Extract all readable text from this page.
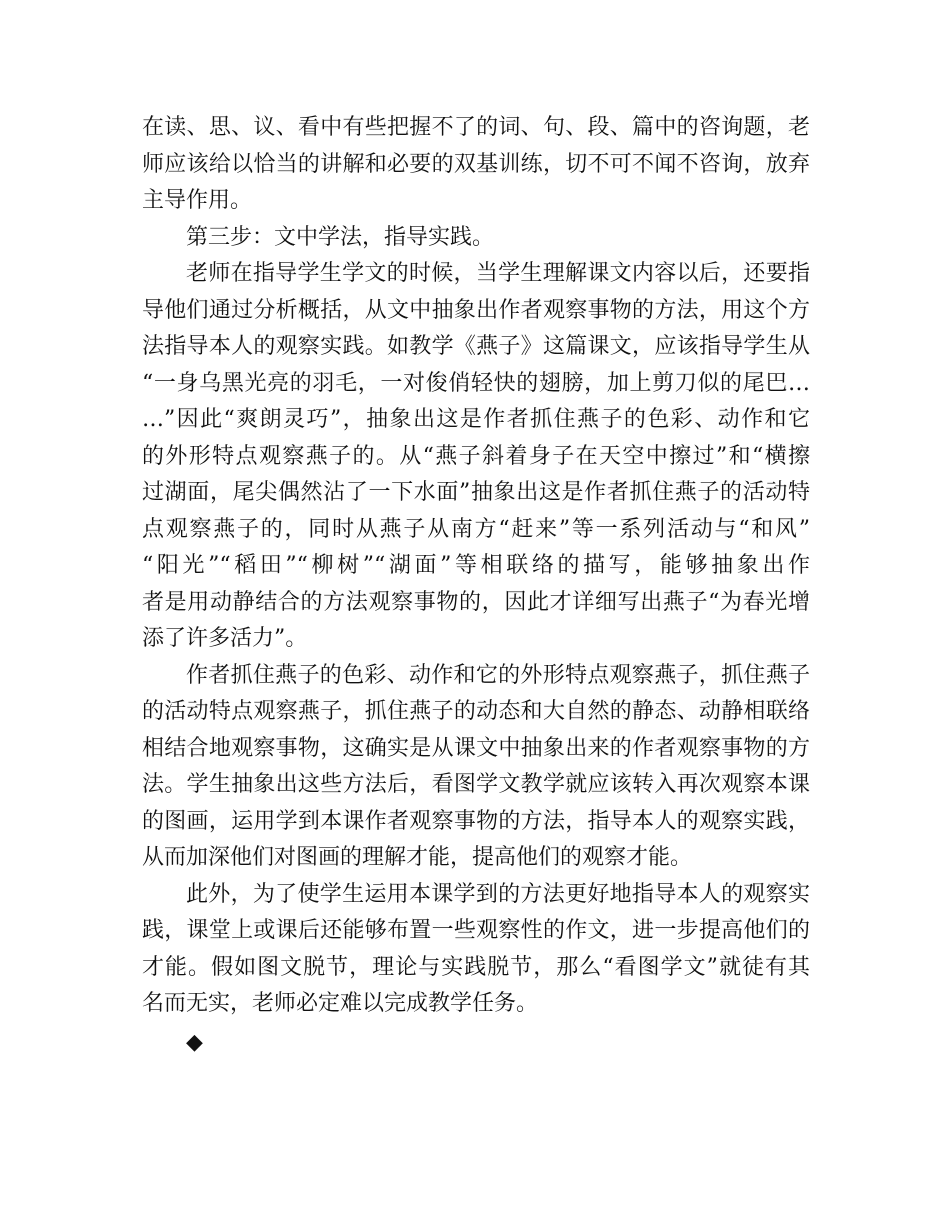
在读、思、议、看中有些把握不了的词、句、段、篇中的咨询题，老
师应该给以恰当的讲解和必要的双基训练，切不可不闻不咨询，放弃
主导作用。

第三步：文中学法，指导实践。

老师在指导学生学文的时候，当学生理解课文内容以后，还要指
导他们通过分析概括，从文中抽象出作者观察事物的方法，用这个方
法指导本人的观察实践。如教学《燕子》这篇课文，应该指导学生从
“一身乌黑光亮的羽毛，一对俊俏轻快的翅膀，加上剪刀似的尾巴…
…”因此“爽朗灵巧”，抽象出这是作者抓住燕子的色彩、动作和它
的外形特点观察燕子的。从“燕子斜着身子在天空中擦过”和“横擦
过湖面，尾尖偶然沾了一下水面”抽象出这是作者抓住燕子的活动特
点观察燕子的，同时从燕子从南方“赶来”等一系列活动与“和风”
“阳光”“稻田”“柳树”“湖面”等相联络的描写，能够抽象出作
者是用动静结合的方法观察事物的，因此才详细写出燕子“为春光增
添了许多活力”。

作者抓住燕子的色彩、动作和它的外形特点观察燕子，抓住燕子
的活动特点观察燕子，抓住燕子的动态和大自然的静态、动静相联络
相结合地观察事物，这确实是从课文中抽象出来的作者观察事物的方
法。学生抽象出这些方法后，看图学文教学就应该转入再次观察本课
的图画，运用学到本课作者观察事物的方法，指导本人的观察实践，
从而加深他们对图画的理解才能，提高他们的观察才能。

此外，为了使学生运用本课学到的方法更好地指导本人的观察实
践，课堂上或课后还能够布置一些观察性的作文，进一步提高他们的
才能。假如图文脱节，理论与实践脱节，那么“看图学文”就徒有其
名而无实，老师必定难以完成教学任务。

◆
